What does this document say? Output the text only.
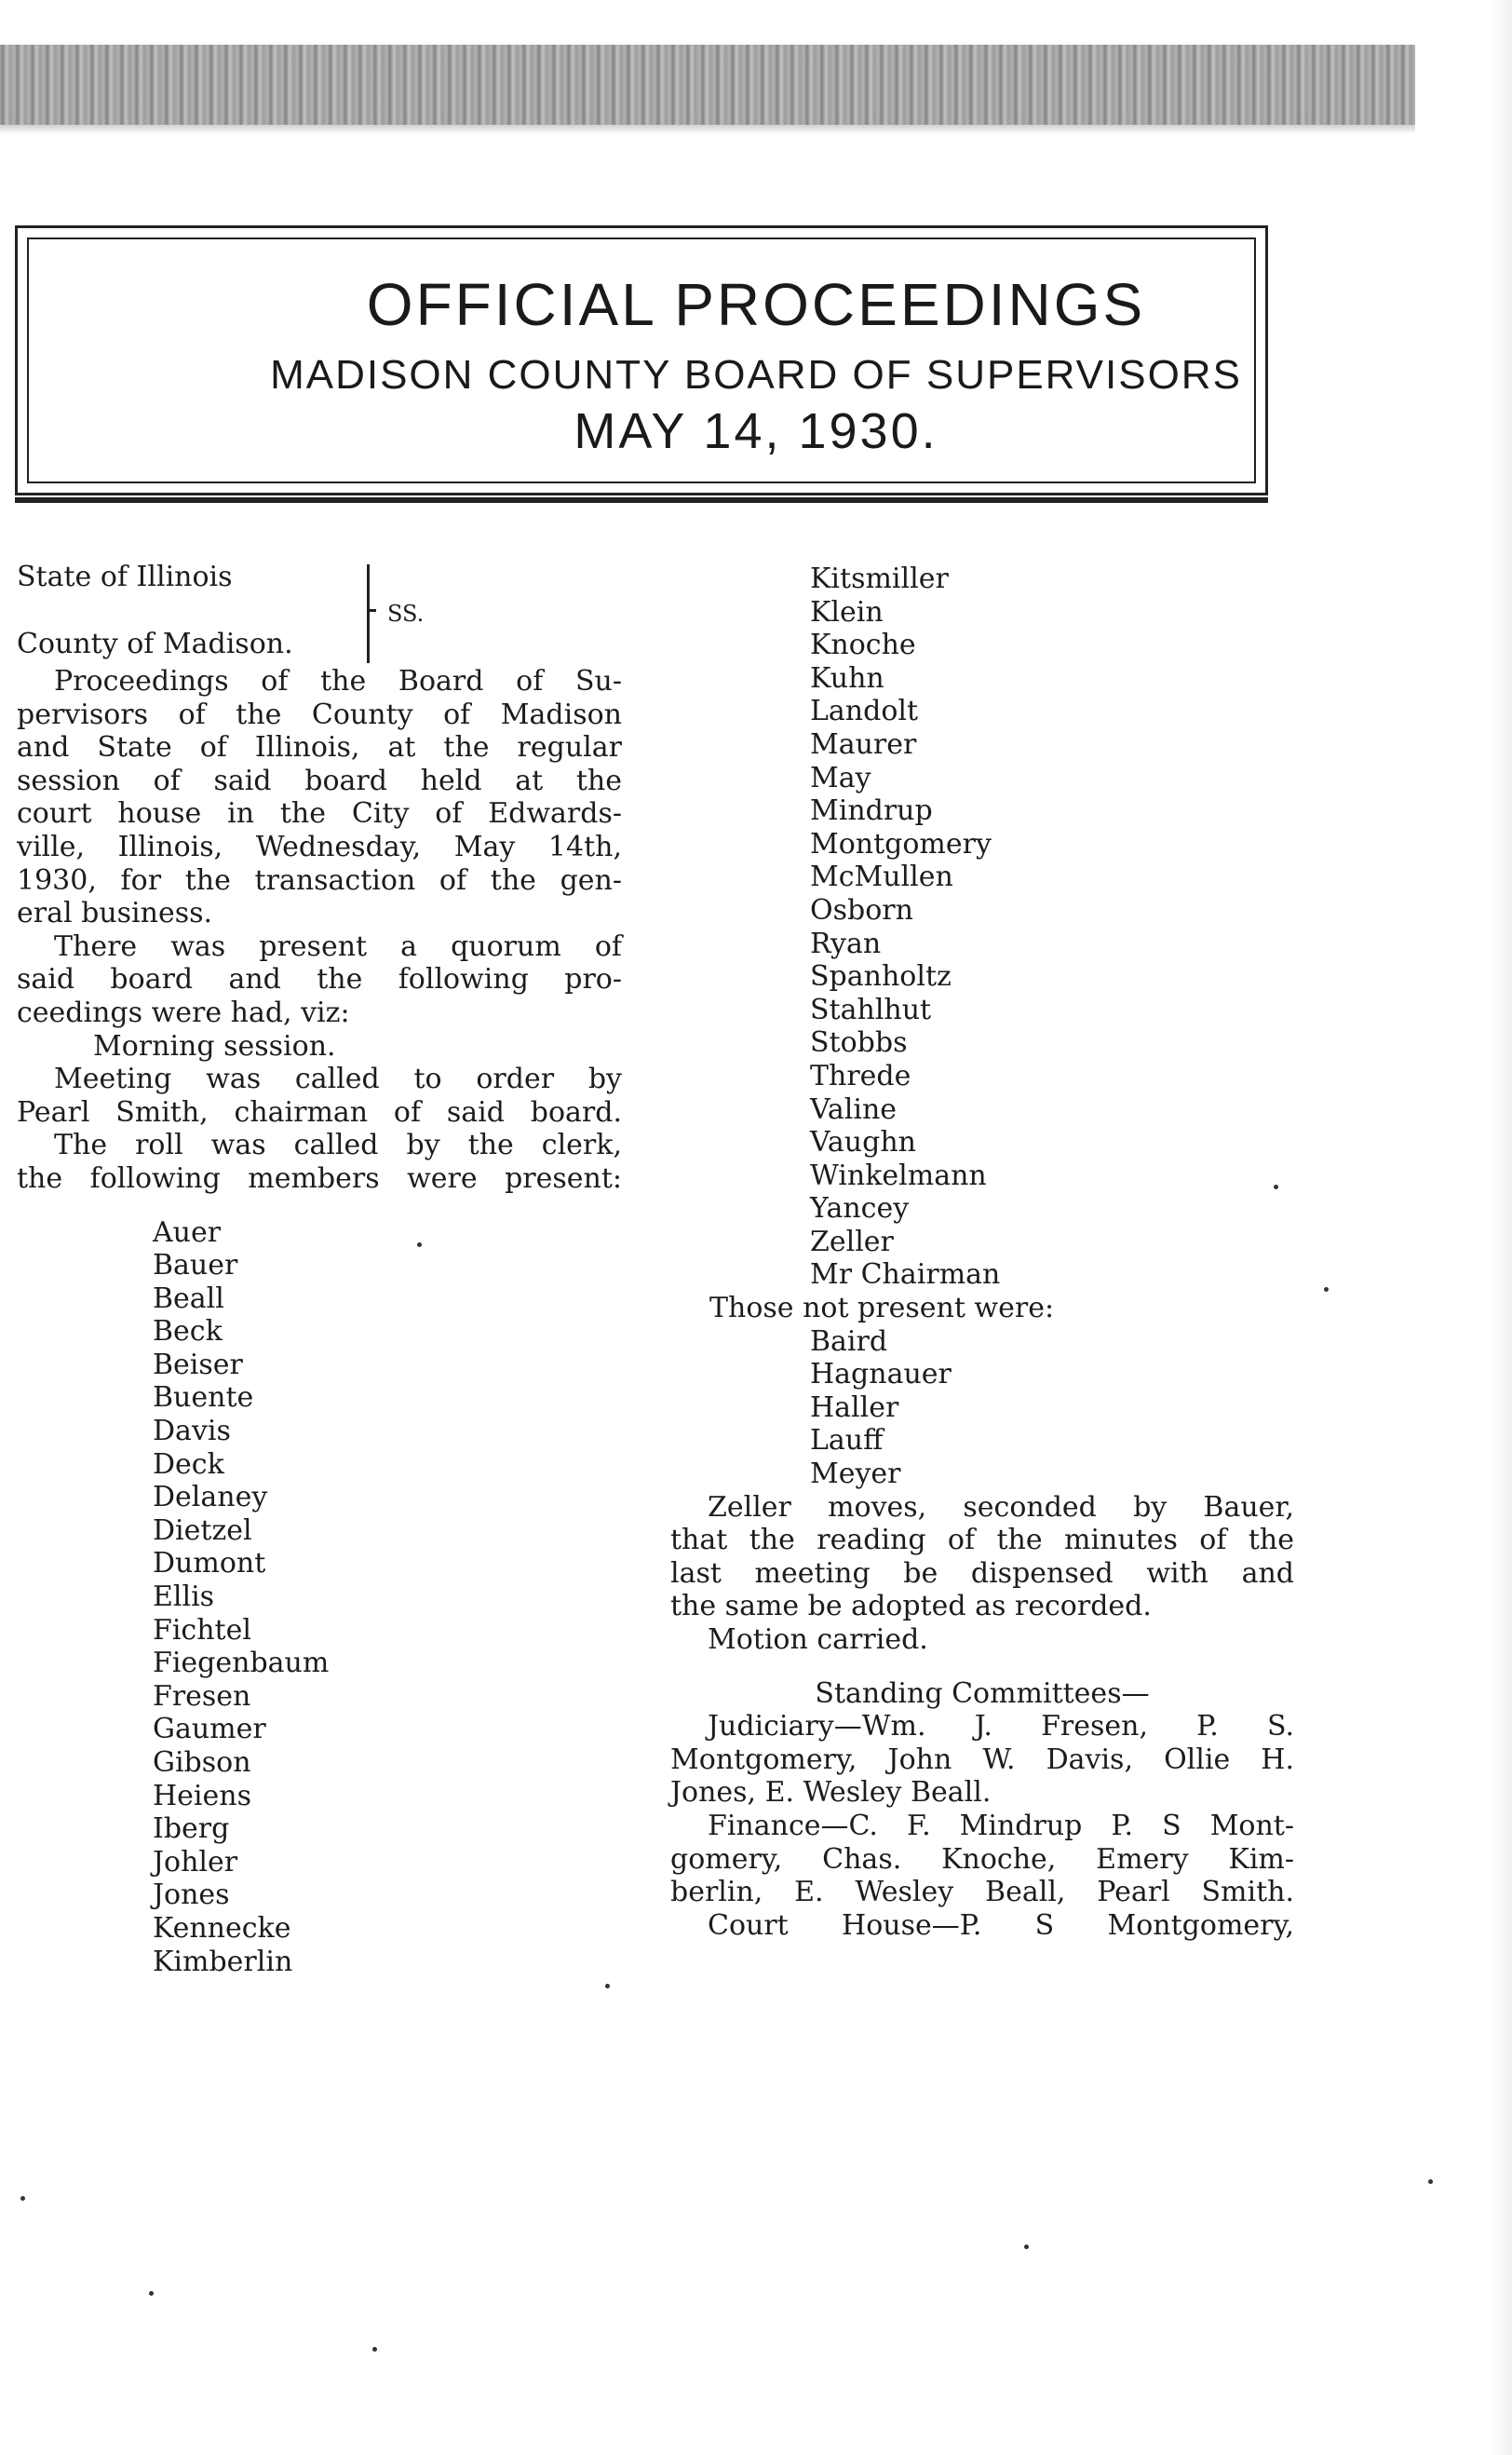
OFFICIAL PROCEEDINGS
MADISON COUNTY BOARD OF SUPERVISORS
MAY 14, 1930.
State of Illinois
County of Madison.
SS.
Proceedings of the Board of Su-
pervisors of the County of Madison
and State of Illinois, at the regular
session of said board held at the
court house in the City of Edwards-
ville, Illinois, Wednesday, May 14th,
1930, for the transaction of the gen-
eral business.
There was present a quorum of
said board and the following pro-
ceedings were had, viz:
Morning session.
Meeting was called to order by
Pearl Smith, chairman of said board.
The roll was called by the clerk,
the following members were present:
Auer
Bauer
Beall
Beck
Beiser
Buente
Davis
Deck
Delaney
Dietzel
Dumont
Ellis
Fichtel
Fiegenbaum
Fresen
Gaumer
Gibson
Heiens
Iberg
Johler
Jones
Kennecke
Kimberlin
Kitsmiller
Klein
Knoche
Kuhn
Landolt
Maurer
May
Mindrup
Montgomery
McMullen
Osborn
Ryan
Spanholtz
Stahlhut
Stobbs
Threde
Valine
Vaughn
Winkelmann
Yancey
Zeller
Mr Chairman
Those not present were:
Baird
Hagnauer
Haller
Lauff
Meyer
Zeller moves, seconded by Bauer,
that the reading of the minutes of the
last meeting be dispensed with and
the same be adopted as recorded.
Motion carried.
Standing Committees—
Judiciary—Wm. J. Fresen, P. S.
Montgomery, John W. Davis, Ollie H.
Jones, E. Wesley Beall.
Finance—C. F. Mindrup P. S Mont-
gomery, Chas. Knoche, Emery Kim-
berlin, E. Wesley Beall, Pearl Smith.
Court House—P. S Montgomery,
